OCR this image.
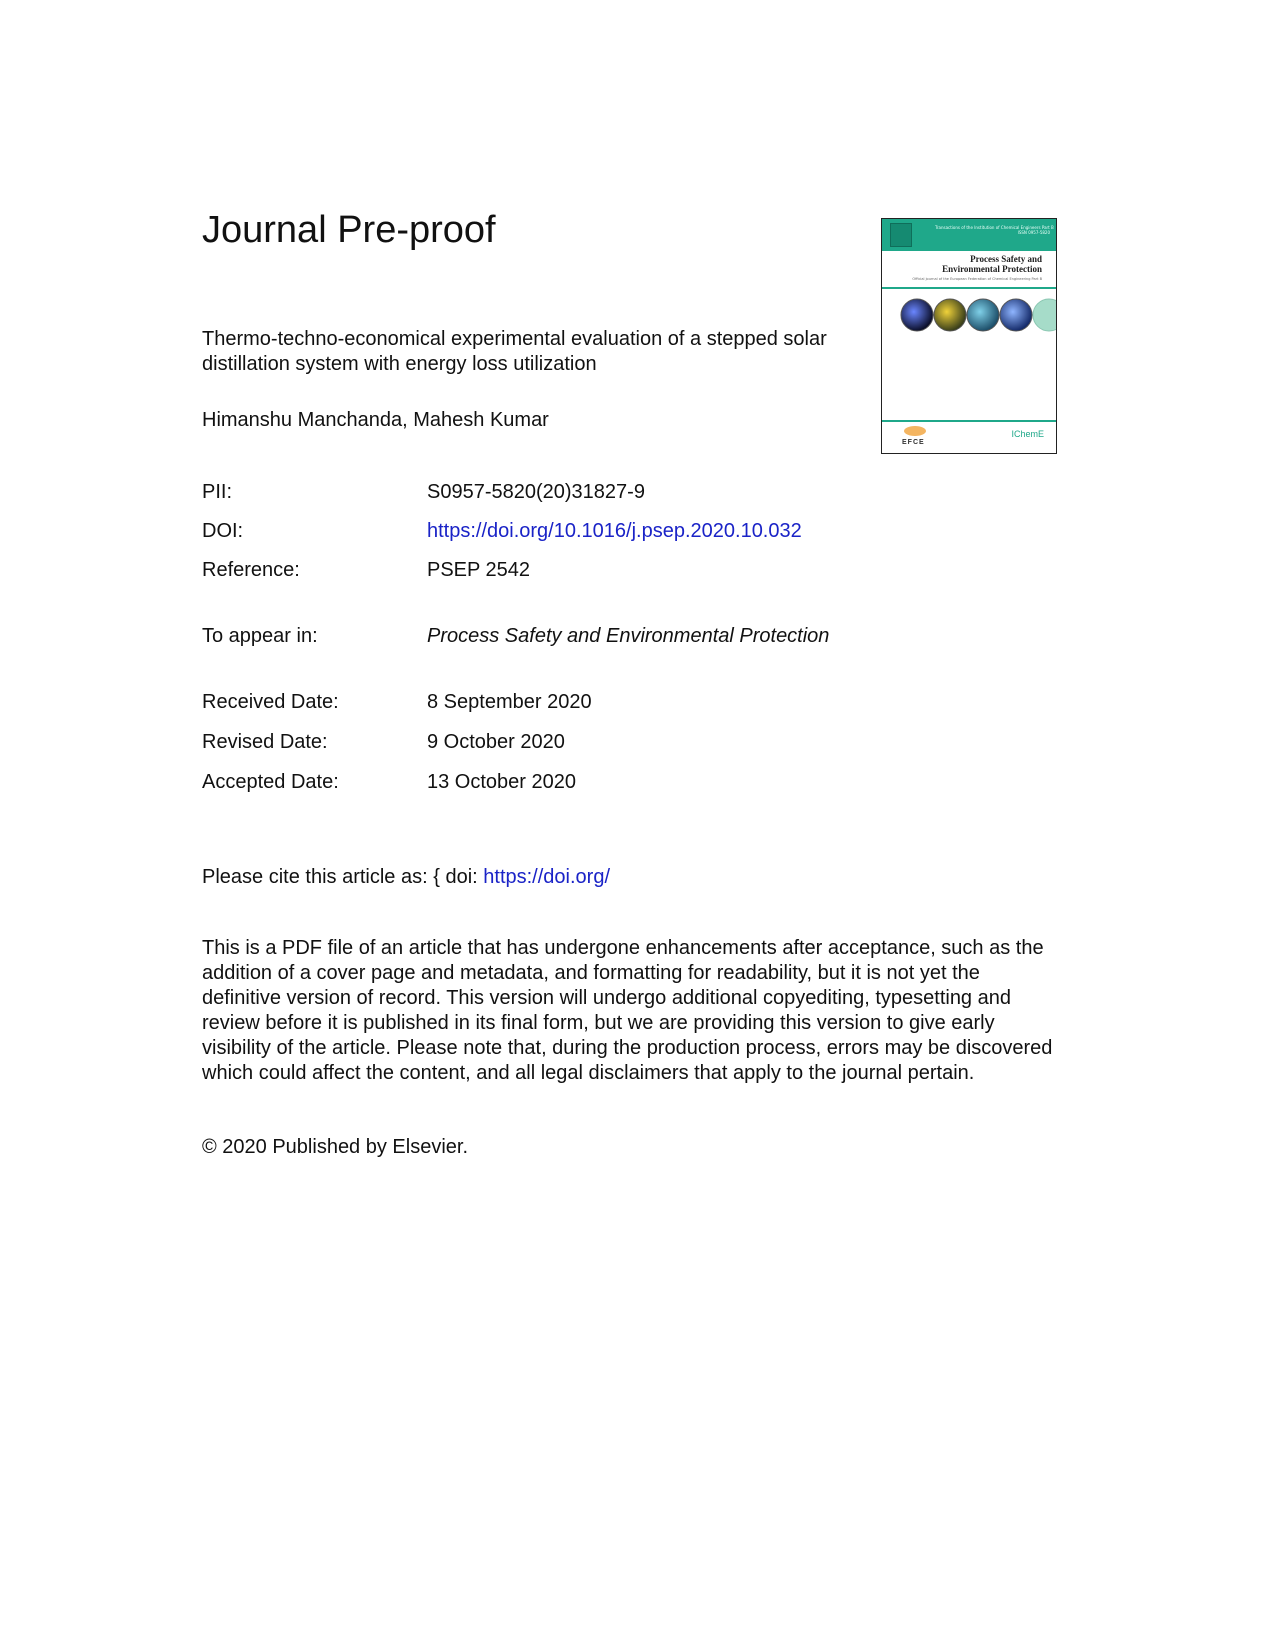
Journal Pre-proof	Transactions of the Institution of Chemical Engineers Part B
ISSN 0957-5820
Process Safety and
Environmental Protection
Official journal of the European Federation of Chemical Engineering Part B
EFCE
IChemE

Thermo-techno-economical experimental evaluation of a stepped solar distillation system with energy loss utilization

Himanshu Manchanda, Mahesh Kumar
PII:	S0957-5820(20)31827-9
DOI:	https://doi.org/10.1016/j.psep.2020.10.032
Reference:	PSEP 2542
To appear in:	Process Safety and Environmental Protection
Received Date:	8 September 2020
Revised Date:	9 October 2020
Accepted Date:	13 October 2020
Please cite this article as: { doi: https://doi.org/

This is a PDF file of an article that has undergone enhancements after acceptance, such as the addition of a cover page and metadata, and formatting for readability, but it is not yet the definitive version of record. This version will undergo additional copyediting, typesetting and review before it is published in its final form, but we are providing this version to give early visibility of the article. Please note that, during the production process, errors may be discovered which could affect the content, and all legal disclaimers that apply to the journal pertain.

© 2020 Published by Elsevier.
